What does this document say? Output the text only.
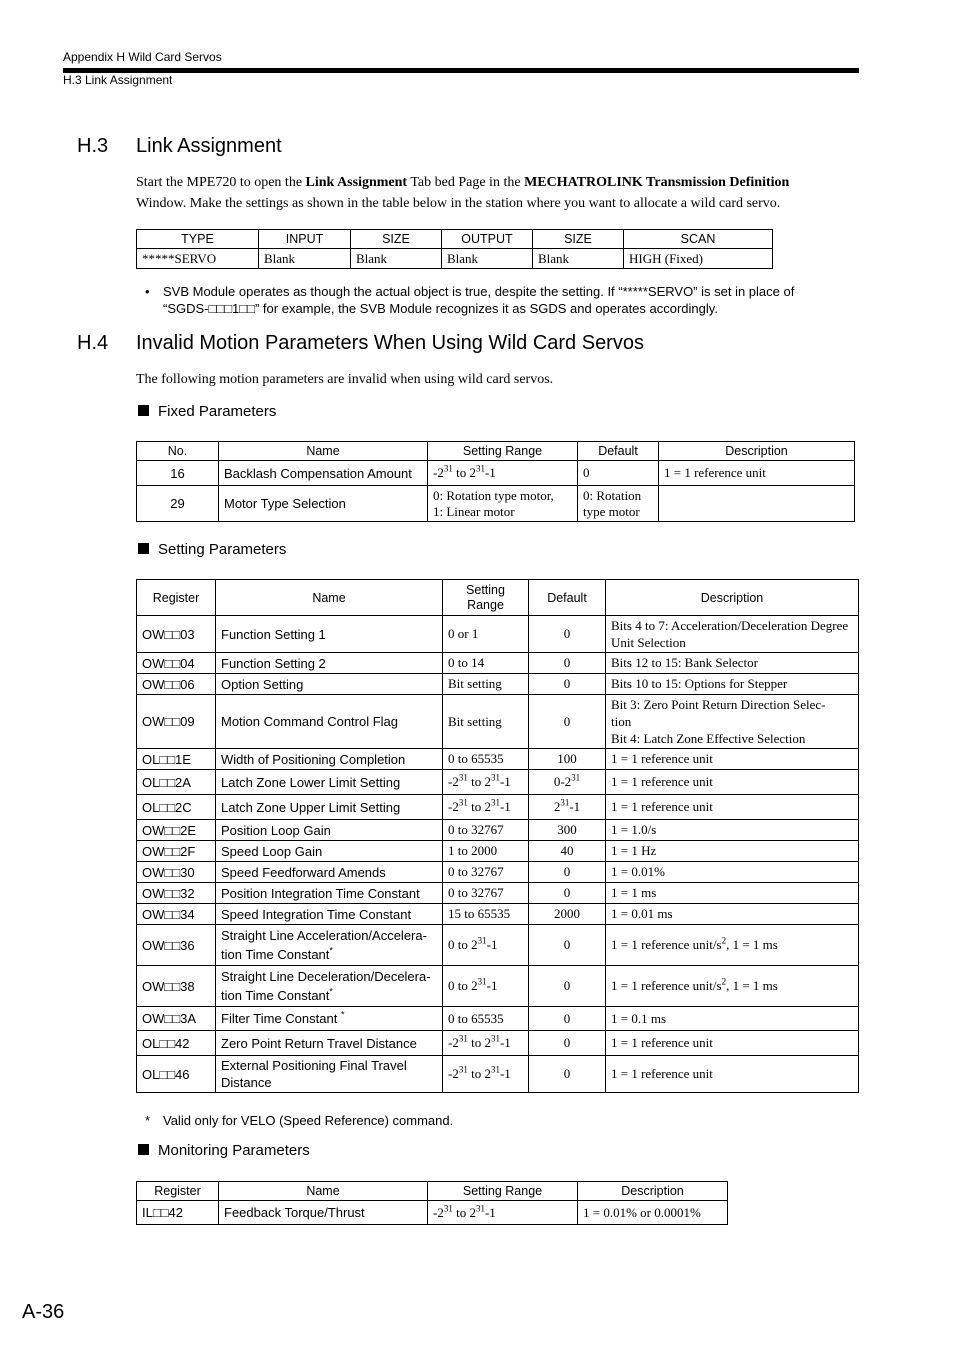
Appendix H Wild Card Servos
H.3 Link Assignment
H.3 Link Assignment
Start the MPE720 to open the Link Assignment Tab bed Page in the MECHATROLINK Transmission Definition
Window. Make the settings as shown in the table below in the station where you want to allocate a wild card servo.
TYPE	INPUT	SIZE	OUTPUT	SIZE	SCAN
*****SERVO	Blank	Blank	Blank	Blank	HIGH (Fixed)
• SVB Module operates as though the actual object is true, despite the setting. If “*****SERVO” is set in place of
“SGDS-□□□1□□” for example, the SVB Module recognizes it as SGDS and operates accordingly.
H.4 Invalid Motion Parameters When Using Wild Card Servos
The following motion parameters are invalid when using wild card servos.
Fixed Parameters
No.	Name	Setting Range	Default	Description
16	Backlash Compensation Amount	$-2^{31}$ to $2^{31}-1$	0	1 = 1 reference unit
29	Motor Type Selection	0: Rotation type motor,
1: Linear motor	0: Rotation
type motor	
Setting Parameters
Register	Name	Setting Range	Default	Description
OW□□03	Function Setting 1	0 or 1	0	Bits 4 to 7: Acceleration/Deceleration Degree Unit Selection
OW□□04	Function Setting 2	0 to 14	0	Bits 12 to 15: Bank Selector
OW□□06	Option Setting	Bit setting	0	Bits 10 to 15: Options for Stepper
OW□□09	Motion Command Control Flag	Bit setting	0	Bit 3: Zero Point Return Direction Selec-
tion
Bit 4: Latch Zone Effective Selection
OL□□1E	Width of Positioning Completion	0 to 65535	100	1 = 1 reference unit
OL□□2A	Latch Zone Lower Limit Setting	$-2^{31}$ to $2^{31}-1$	$0-2^{31}$	1 = 1 reference unit
OL□□2C	Latch Zone Upper Limit Setting	$-2^{31}$ to $2^{31}-1$	$2^{31}-1$	1 = 1 reference unit
OW□□2E	Position Loop Gain	0 to 32767	300	1 = 1.0/s
OW□□2F	Speed Loop Gain	1 to 2000	40	1 = 1 Hz
OW□□30	Speed Feedforward Amends	0 to 32767	0	1 = 0.01%
OW□□32	Position Integration Time Constant	0 to 32767	0	1 = 1 ms
OW□□34	Speed Integration Time Constant	15 to 65535	2000	1 = 0.01 ms
OW□□36	Straight Line Acceleration/Accelera-
tion Time Constant*	0 to $2^{31}-1$	0	1 = 1 reference unit/$s^2$, 1 = 1 ms
OW□□38	Straight Line Deceleration/Decelera-
tion Time Constant*	0 to $2^{31}-1$	0	1 = 1 reference unit/$s^2$, 1 = 1 ms
OW□□3A	Filter Time Constant *	0 to 65535	0	1 = 0.1 ms
OL□□42	Zero Point Return Travel Distance	$-2^{31}$ to $2^{31}-1$	0	1 = 1 reference unit
OL□□46	External Positioning Final Travel
Distance	$-2^{31}$ to $2^{31}-1$	0	1 = 1 reference unit
* Valid only for VELO (Speed Reference) command.
Monitoring Parameters
Register	Name	Setting Range	Description
IL□□42	Feedback Torque/Thrust	$-2^{31}$ to $2^{31}-1$	1 = 0.01% or 0.0001%
A-36
